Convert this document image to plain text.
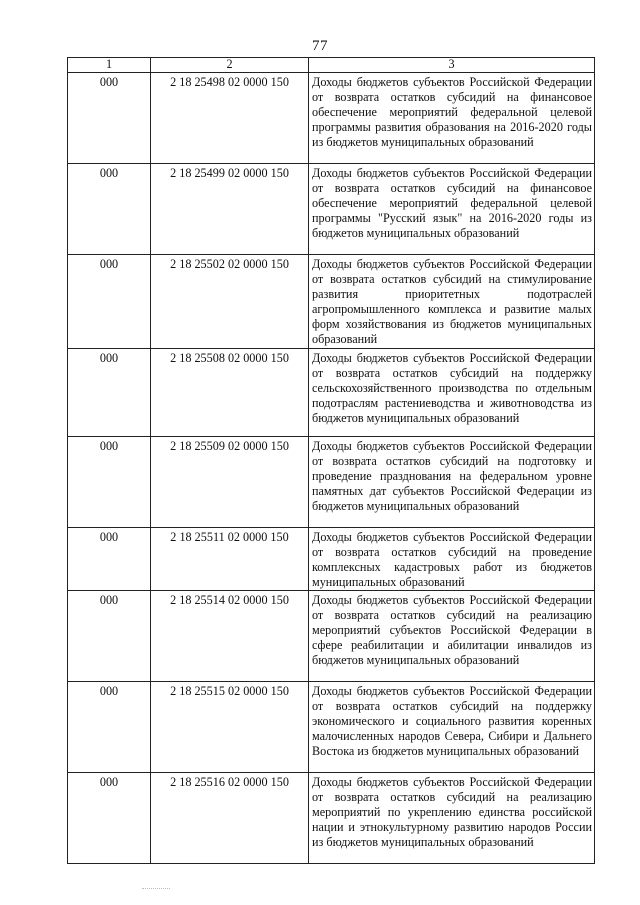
77
1	2	3
000	2 18 25498 02 0000 150	Доходы бюджетов субъектов Российской Федерации от возврата остатков субсидий на финансовое обеспечение мероприятий федеральной целевой программы развития образования на 2016-2020 годы из бюджетов муниципальных образований
000	2 18 25499 02 0000 150	Доходы бюджетов субъектов Российской Федерации от возврата остатков субсидий на финансовое обеспечение мероприятий федеральной целевой программы "Русский язык" на 2016-2020 годы из бюджетов муниципальных образований
000	2 18 25502 02 0000 150	Доходы бюджетов субъектов Российской Федерации от возврата остатков субсидий на стимулирование развития приоритетных подотраслей агропромышленного комплекса и развитие малых форм хозяйствования из бюджетов муниципальных образований
000	2 18 25508 02 0000 150	Доходы бюджетов субъектов Российской Федерации от возврата остатков субсидий на поддержку сельскохозяйственного производства по отдельным подотраслям растениеводства и животноводства из бюджетов муниципальных образований
000	2 18 25509 02 0000 150	Доходы бюджетов субъектов Российской Федерации от возврата остатков субсидий на подготовку и проведение празднования на федеральном уровне памятных дат субъектов Российской Федерации из бюджетов муниципальных образований
000	2 18 25511 02 0000 150	Доходы бюджетов субъектов Российской Федерации от возврата остатков субсидий на проведение комплексных кадастровых работ из бюджетов муниципальных образований
000	2 18 25514 02 0000 150	Доходы бюджетов субъектов Российской Федерации от возврата остатков субсидий на реализацию мероприятий субъектов Российской Федерации в сфере реабилитации и абилитации инвалидов из бюджетов муниципальных образований
000	2 18 25515 02 0000 150	Доходы бюджетов субъектов Российской Федерации от возврата остатков субсидий на поддержку экономического и социального развития коренных малочисленных народов Севера, Сибири и Дальнего Востока из бюджетов муниципальных образований
000	2 18 25516 02 0000 150	Доходы бюджетов субъектов Российской Федерации от возврата остатков субсидий на реализацию мероприятий по укреплению единства российской нации и этнокультурному развитию народов России из бюджетов муниципальных образований
